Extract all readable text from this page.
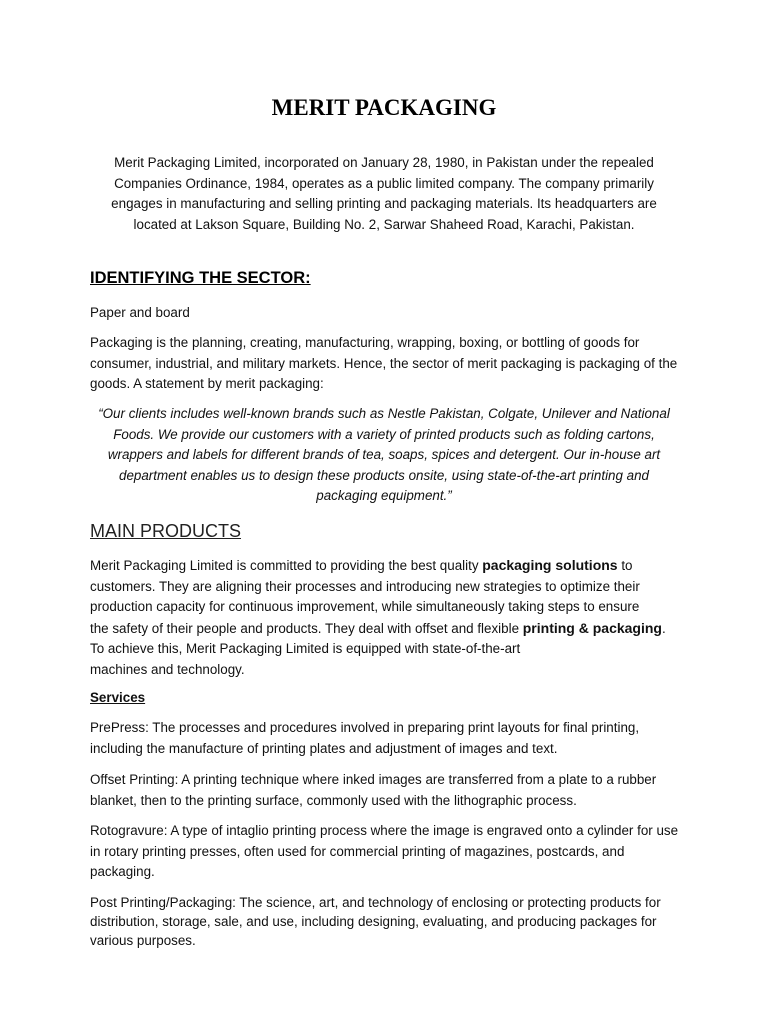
MERIT PACKAGING

Merit Packaging Limited, incorporated on January 28, 1980, in Pakistan under the repealed Companies Ordinance, 1984, operates as a public limited company. The company primarily engages in manufacturing and selling printing and packaging materials. Its headquarters are located at Lakson Square, Building No. 2, Sarwar Shaheed Road, Karachi, Pakistan.

IDENTIFYING THE SECTOR:

Paper and board

Packaging is the planning, creating, manufacturing, wrapping, boxing, or bottling of goods for consumer, industrial, and military markets. Hence, the sector of merit packaging is packaging of the goods. A statement by merit packaging:

“Our clients includes well-known brands such as Nestle Pakistan, Colgate, Unilever and National Foods. We provide our customers with a variety of printed products such as folding cartons, wrappers and labels for different brands of tea, soaps, spices and detergent. Our in-house art department enables us to design these products onsite, using state-of-the-art printing and packaging equipment.”

MAIN PRODUCTS

Merit Packaging Limited is committed to providing the best quality packaging solutions to
customers. They are aligning their processes and introducing new strategies to optimize their
production capacity for continuous improvement, while simultaneously taking steps to ensure
the safety of their people and products. They deal with offset and flexible printing & packaging.
To achieve this, Merit Packaging Limited is equipped with state-of-the-art
machines and technology.

Services

PrePress: The processes and procedures involved in preparing print layouts for final printing, including the manufacture of printing plates and adjustment of images and text.

Offset Printing: A printing technique where inked images are transferred from a plate to a rubber blanket, then to the printing surface, commonly used with the lithographic process.

Rotogravure: A type of intaglio printing process where the image is engraved onto a cylinder for use in rotary printing presses, often used for commercial printing of magazines, postcards, and packaging.

Post Printing/Packaging: The science, art, and technology of enclosing or protecting products for distribution, storage, sale, and use, including designing, evaluating, and producing packages for various purposes.
